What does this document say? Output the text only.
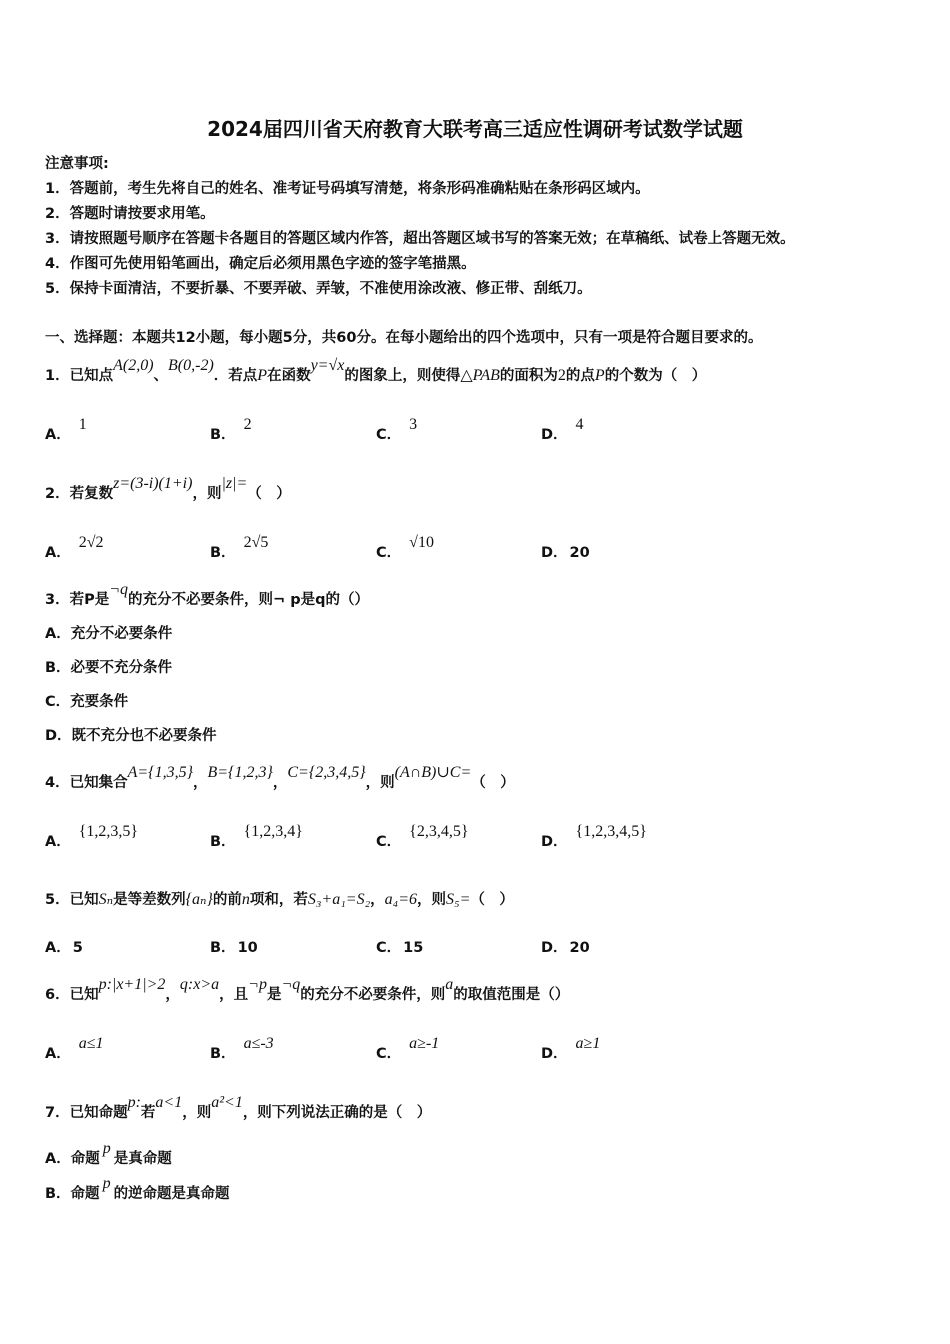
2024届四川省天府教育大联考高三适应性调研考试数学试题
注意事项:
1．答题前，考生先将自己的姓名、准考证号码填写清楚，将条形码准确粘贴在条形码区域内。
2．答题时请按要求用笔。
3．请按照题号顺序在答题卡各题目的答题区域内作答，超出答题区域书写的答案无效；在草稿纸、试卷上答题无效。
4．作图可先使用铅笔画出，确定后必须用黑色字迹的签字笔描黑。
5．保持卡面清洁，不要折暴、不要弄破、弄皱，不准使用涂改液、修正带、刮纸刀。
一、选择题：本题共12小题，每小题5分，共60分。在每小题给出的四个选项中，只有一项是符合题目要求的。
1．已知点A(2,0)、B(0,-2)．若点P在函数y=√x的图象上，则使得△PAB的面积为2的点P的个数为（　）
A．1
B．2
C．3
D．4
2．若复数z=(3-i)(1+i)，则|z|=（　）
A．2√2
B．2√5
C．√10
D． 20
3．若P是¬q的充分不必要条件，则¬ p是q的（）
A．充分不必要条件
B．必要不充分条件
C．充要条件
D．既不充分也不必要条件
4．已知集合A={1,3,5}，B={1,2,3}，C={2,3,4,5}，则(A∩B)∪C=（　）
A．{1,2,3,5}
B．{1,2,3,4}
C．{2,3,4,5}
D．{1,2,3,4,5}
5．已知Sₙ是等差数列{aₙ}的前n项和，若S₃+a₁=S₂，a₄=6，则S₅=（　）
A． 5	B． 10	C． 15	D． 20
6．已知p:|x+1|>2，q:x>a，且¬p是¬q的充分不必要条件，则a的取值范围是（）
A．a≤1
B．a≤-3
C．a≥-1
D．a≥1
7．已知命题p:若a<1，则a²<1，则下列说法正确的是（　）
A．命题p是真命题
B．命题p的逆命题是真命题
